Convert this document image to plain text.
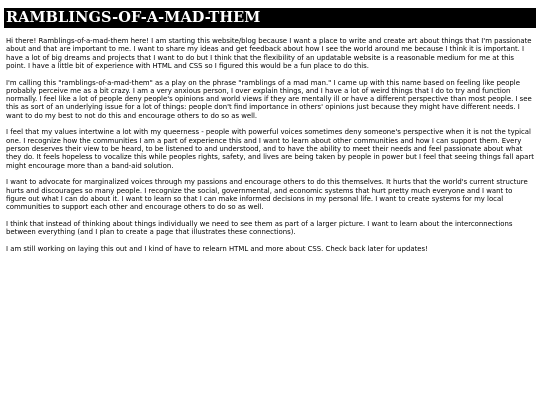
RAMBLINGS-OF-A-MAD-THEM

Hi there! Ramblings-of-a-mad-them here! I am starting this website/blog because I want a place to write and create art about things that I'm passionate about and that are important to me. I want to share my ideas and get feedback about how I see the world around me because I think it is important. I have a lot of big dreams and projects that I want to do but I think that the flexibility of an updatable website is a reasonable medium for me at this point. I have a little bit of experience with HTML and CSS so I figured this would be a fun place to do this.

I'm calling this "ramblings-of-a-mad-them" as a play on the phrase "ramblings of a mad man." I came up with this name based on feeling like people probably perceive me as a bit crazy. I am a very anxious person, I over explain things, and I have a lot of weird things that I do to try and function normally. I feel like a lot of people deny people's opinions and world views if they are mentally ill or have a different perspective than most people. I see this as sort of an underlying issue for a lot of things: people don't find importance in others' opinions just because they might have different needs. I want to do my best to not do this and encourage others to do so as well.

I feel that my values intertwine a lot with my queerness - people with powerful voices sometimes deny someone's perspective when it is not the typical one. I recognize how the communities I am a part of experience this and I want to learn about other communities and how I can support them. Every person deserves their view to be heard, to be listened to and understood, and to have the ability to meet their needs and feel passionate about what they do. It feels hopeless to vocalize this while peoples rights, safety, and lives are being taken by people in power but I feel that seeing things fall apart might encourage more than a band-aid solution.

I want to advocate for marginalized voices through my passions and encourage others to do this themselves. It hurts that the world's current structure hurts and discourages so many people. I recognize the social, governmental, and economic systems that hurt pretty much everyone and I want to figure out what I can do about it. I want to learn so that I can make informed decisions in my personal life. I want to create systems for my local communities to support each other and encourage others to do so as well.

I think that instead of thinking about things individually we need to see them as part of a larger picture. I want to learn about the interconnections between everything (and I plan to create a page that illustrates these connections).

I am still working on laying this out and I kind of have to relearn HTML and more about CSS. Check back later for updates!
